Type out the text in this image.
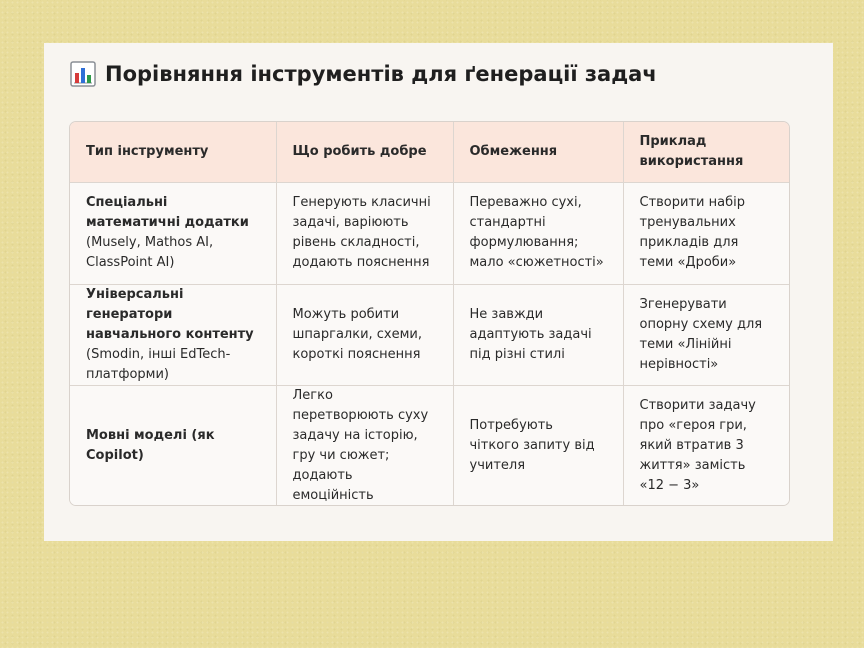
Порівняння інструментів для ґенерації задач
Тип інструменту	Що робить добре	Обмеження	Приклад використання
Спеціальні математичні додатки (Musely, Mathos AI, ClassPoint AI)	Генерують класичні задачі, варіюють рівень складності, додають пояснення	Переважно сухі, стандартні формулювання; мало «сюжетності»	Створити набір тренувальних прикладів для теми «Дроби»
Універсальні генератори навчального контенту (Smodin, інші EdTech-платформи)	Можуть робити шпаргалки, схеми, короткі пояснення	Не завжди адаптують задачі під різні стилі	Згенерувати опорну схему для теми «Лінійні нерівності»
Мовні моделі (як Copilot)	Легко перетворюють суху задачу на історію, гру чи сюжет; додають емоційність	Потребують чіткого запиту від учителя	Створити задачу про «героя гри, який втратив 3 життя» замість «12 − 3»
